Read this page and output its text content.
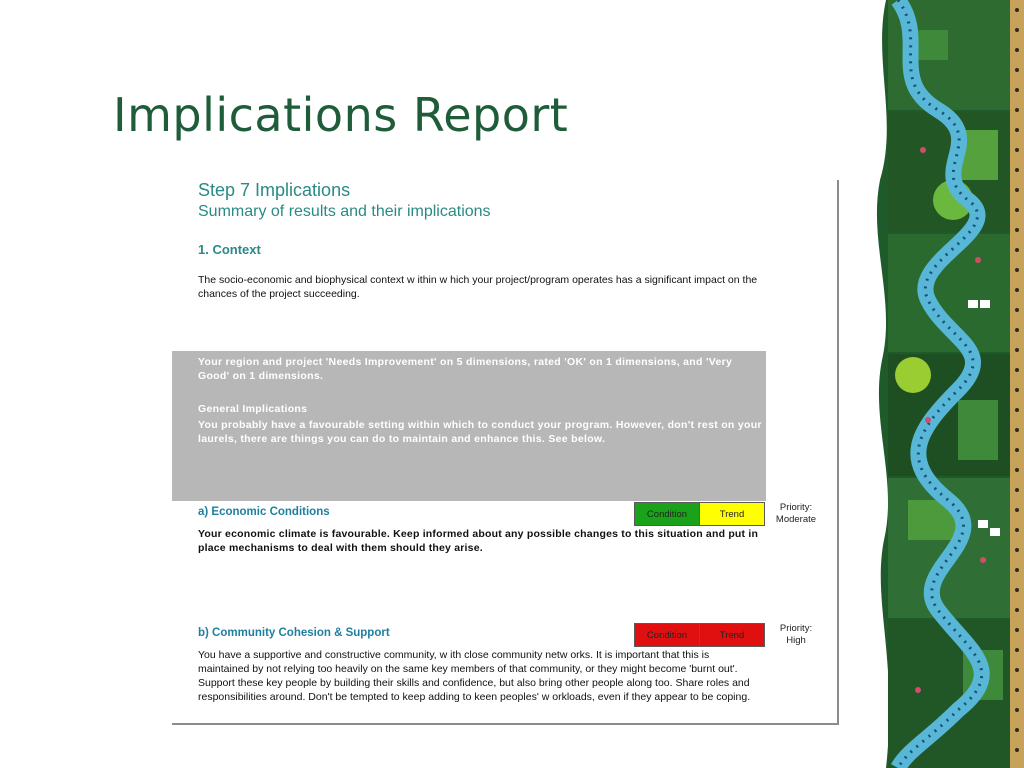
Implications Report
Step 7 Implications
Summary of results and their implications
1. Context
The socio-economic and biophysical context w ithin w hich your project/program operates has a significant impact on the chances of the project succeeding.
Your region and project 'Needs Improvement' on 5 dimensions, rated 'OK' on 1 dimensions, and 'Very Good' on 1 dimensions.
General Implications
You probably have a favourable setting within which to conduct your program. However, don't rest on your laurels, there are things you can do to maintain and enhance this. See below.
a) Economic Conditions	Condition	Trend
Priority:
Moderate
Your economic climate is favourable. Keep informed about any possible changes to this situation and put in place mechanisms to deal with them should they arise.
b) Community Cohesion & Support	Condition	Trend
Priority:
High
You have a supportive and constructive community, w ith close community netw orks. It is important that this is maintained by not relying too heavily on the same key members of that community, or they might become 'burnt out'. Support these key people by building their skills and confidence, but also bring other people along too. Share roles and responsibilities around. Don't be tempted to keep adding to keen peoples' w orkloads, even if they appear to be coping.
